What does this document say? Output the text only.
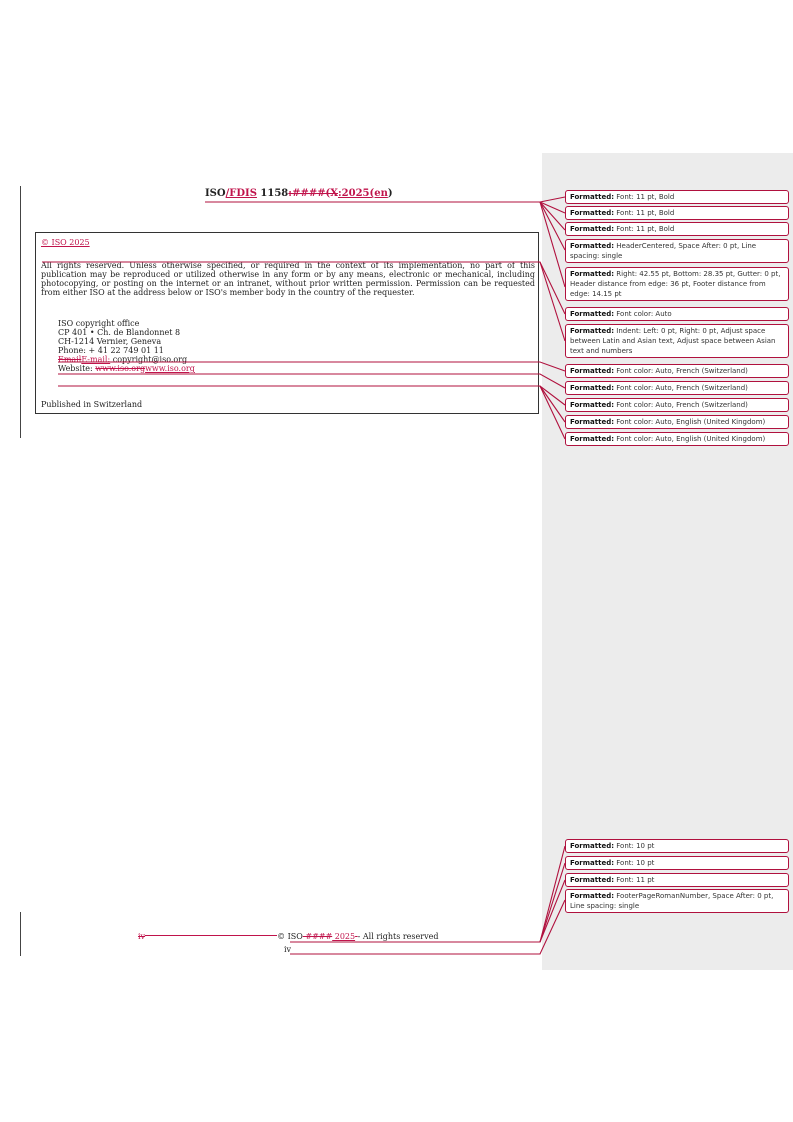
ISO/FDIS 1158:####(X:2025(en)
© ISO 2025
All rights reserved. Unless otherwise specified, or required in the context of its implementation, no part of this publication may be reproduced or utilized otherwise in any form or by any means, electronic or mechanical, including photocopying, or posting on the internet or an intranet, without prior written permission. Permission can be requested from either ISO at the address below or ISO's member body in the country of the requester.
ISO copyright office
CP 401 • Ch. de Blandonnet 8
CH-1214 Vernier, Geneva
Phone: + 41 22 749 01 11
EmailE-mail: copyright@iso.org
Website: www.iso.orgwww.iso.org
Published in Switzerland
iv	© ISO #### 2025 - All rights reserved
iv
Formatted: Font: 11 pt, Bold
Formatted: Font: 11 pt, Bold
Formatted: Font: 11 pt, Bold
Formatted: HeaderCentered, Space After: 0 pt, Line spacing: single
Formatted: Right: 42.55 pt, Bottom: 28.35 pt, Gutter: 0 pt, Header distance from edge: 36 pt, Footer distance from edge: 14.15 pt
Formatted: Font color: Auto
Formatted: Indent: Left: 0 pt, Right: 0 pt, Adjust space between Latin and Asian text, Adjust space between Asian text and numbers
Formatted: Font color: Auto, French (Switzerland)
Formatted: Font color: Auto, French (Switzerland)
Formatted: Font color: Auto, French (Switzerland)
Formatted: Font color: Auto, English (United Kingdom)
Formatted: Font color: Auto, English (United Kingdom)
Formatted: Font: 10 pt
Formatted: Font: 10 pt
Formatted: Font: 11 pt
Formatted: FooterPageRomanNumber, Space After: 0 pt, Line spacing: single
